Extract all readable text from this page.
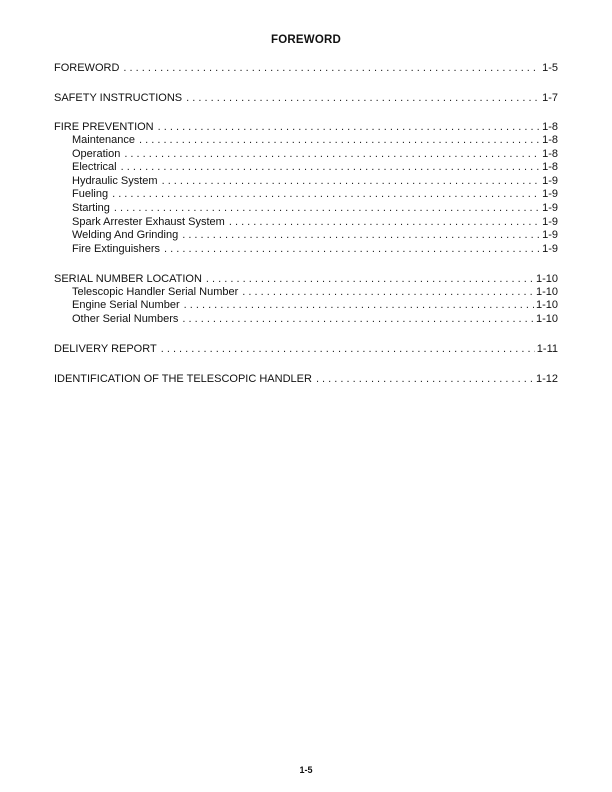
FOREWORD
FOREWORD . . .	1-5
SAFETY INSTRUCTIONS . . .	1-7
FIRE PREVENTION . . .	1-8
Maintenance . . .	1-8
Operation . . .	1-8
Electrical . . .	1-8
Hydraulic System . . .	1-9
Fueling . . .	1-9
Starting . . .	1-9
Spark Arrester Exhaust System . . .	1-9
Welding And Grinding . . .	1-9
Fire Extinguishers . . .	1-9
SERIAL NUMBER LOCATION . . .	1-10
Telescopic Handler Serial Number . . .	1-10
Engine Serial Number . . .	1-10
Other Serial Numbers . . .	1-10
DELIVERY REPORT . . .	1-11
IDENTIFICATION OF THE TELESCOPIC HANDLER . . .	1-12
1-5
